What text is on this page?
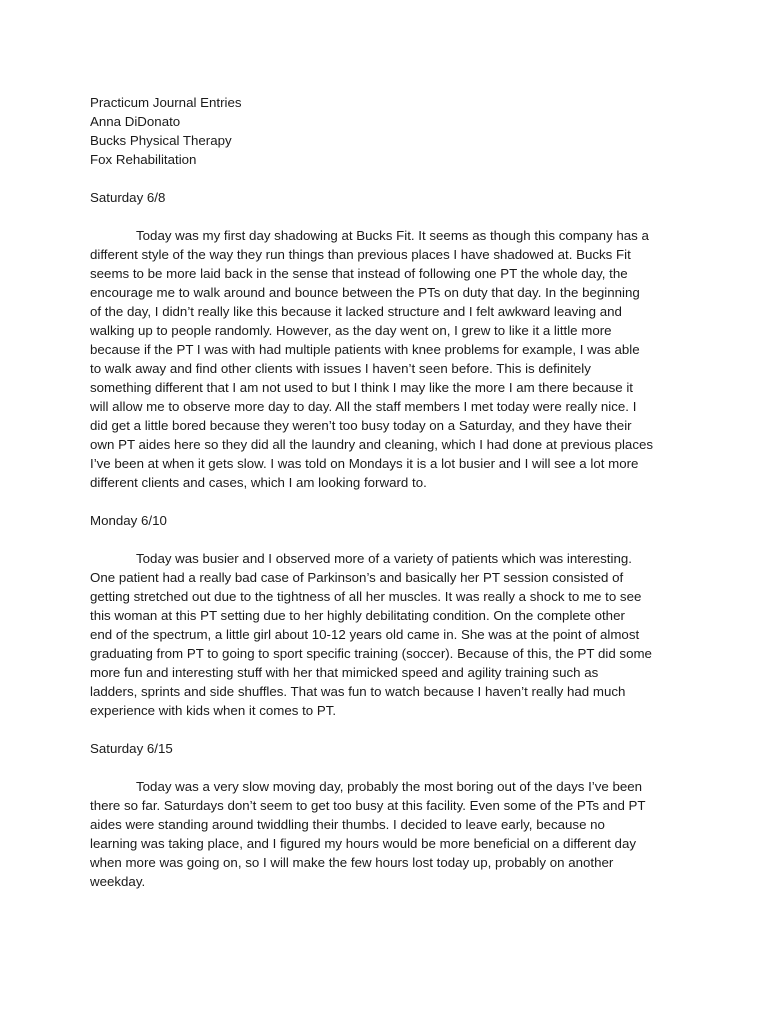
Practicum Journal Entries
Anna DiDonato
Bucks Physical Therapy
Fox Rehabilitation
Saturday 6/8

Today was my first day shadowing at Bucks Fit. It seems as though this company has a
different style of the way they run things than previous places I have shadowed at. Bucks Fit
seems to be more laid back in the sense that instead of following one PT the whole day, the
encourage me to walk around and bounce between the PTs on duty that day. In the beginning
of the day, I didn’t really like this because it lacked structure and I felt awkward leaving and
walking up to people randomly. However, as the day went on, I grew to like it a little more
because if the PT I was with had multiple patients with knee problems for example, I was able
to walk away and find other clients with issues I haven’t seen before. This is definitely
something different that I am not used to but I think I may like the more I am there because it
will allow me to observe more day to day. All the staff members I met today were really nice. I
did get a little bored because they weren’t too busy today on a Saturday, and they have their
own PT aides here so they did all the laundry and cleaning, which I had done at previous places
I’ve been at when it gets slow. I was told on Mondays it is a lot busier and I will see a lot more
different clients and cases, which I am looking forward to.

Monday 6/10

Today was busier and I observed more of a variety of patients which was interesting.
One patient had a really bad case of Parkinson’s and basically her PT session consisted of
getting stretched out due to the tightness of all her muscles. It was really a shock to me to see
this woman at this PT setting due to her highly debilitating condition. On the complete other
end of the spectrum, a little girl about 10-12 years old came in. She was at the point of almost
graduating from PT to going to sport specific training (soccer). Because of this, the PT did some
more fun and interesting stuff with her that mimicked speed and agility training such as
ladders, sprints and side shuffles. That was fun to watch because I haven’t really had much
experience with kids when it comes to PT.

Saturday 6/15

Today was a very slow moving day, probably the most boring out of the days I’ve been
there so far. Saturdays don’t seem to get too busy at this facility. Even some of the PTs and PT
aides were standing around twiddling their thumbs. I decided to leave early, because no
learning was taking place, and I figured my hours would be more beneficial on a different day
when more was going on, so I will make the few hours lost today up, probably on another
weekday.
